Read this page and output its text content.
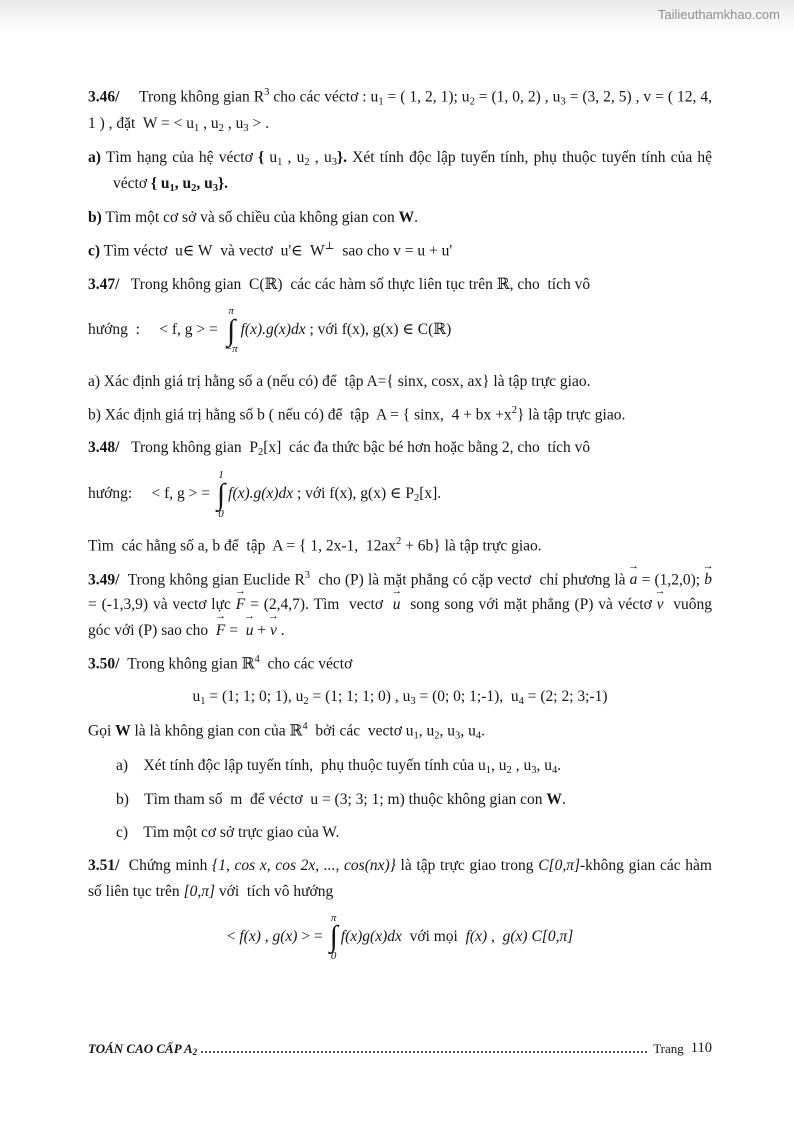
Tailieuthamkhao.com

3.46/     Trong không gian $R^3$ cho các véctơ : u1 = ( 1, 2, 1); u2 = (1, 0, 2) , u3 = (3, 2, 5) , v = ( 12, 4, 1 ) , đặt  W = < u1 , u2 , u3 > .

a) Tìm hạng của hệ véctơ { u1 , u2 , u3}. Xét tính độc lập tuyến tính, phụ thuộc tuyến tính của hệ véctơ { u1, u2, u3}.

b) Tìm một cơ sở và số chiều của không gian con W.

c) Tìm véctơ  u∈ W  và vectơ  u'∈  W⊥  sao cho v = u + u'

3.47/   Trong không gian  C(ℝ)  các các hàm số thực liên tục trên ℝ, cho  tích vô

hướng  :     < f, g > =
π
∫
−π
f(x).g(x)dx ; với f(x), g(x) ∈ C(ℝ)

a) Xác định giá trị hằng số a (nếu có) để  tập A={ sinx, cosx, ax} là tập trực giao.

b) Xác định giá trị hằng số b ( nếu có) để  tập  A = { sinx,  4 + bx $+x^2$} là tập trực giao.

3.48/   Trong không gian  P2[x]  các đa thức bậc bé hơn hoặc bằng 2, cho  tích vô

hướng:     < f, g > =
1
∫
0
f(x).g(x)dx ; với f(x), g(x) ∈ P2[x].

Tìm  các hằng số a, b để  tập  A = { 1, 2x-1,  $12ax^2 + 6b$} là tập trực giao.

3.49/  Trong không gian Euclide $R^3$  cho (P) là mặt phẳng có cặp vectơ  chỉ phương là → a = (1,2,0); → b = (-1,3,9) và vectơ lực → F = (2,4,7). Tìm  vectơ  → u  song song với mặt phẳng (P) và véctơ → v  vuông góc với (P) sao cho  → F =  → u + → v .

3.50/  Trong không gian ℝ$^4$  cho các véctơ

u1 = (1; 1; 0; 1), u2 = (1; 1; 1; 0) , u3 = (0; 0; 1;-1),  u4 = (2; 2; 3;-1)

Gọi W là là không gian con của ℝ$^4$  bởi các  vectơ u1, u2, u3, u4.

a)    Xét tính độc lập tuyến tính,  phụ thuộc tuyến tính của u1, u2 , u3, u4.

b)    Tìm tham số  m  để véctơ  u = (3; 3; 1; m) thuộc không gian con W.

c)    Tìm một cơ sở trực giao của W.

3.51/  Chứng minh {1, cos x, cos 2x, ..., cos(nx)} là tập trực giao trong C[0,π]-không gian các hàm số liên tục trên [0,π] với  tích vô hướng

< f(x) , g(x) > =
π
∫
0
f(x)g(x)dx  với mọi  f(x) ,  g(x) C[0,π]

TOÁN CAO CẤP A2	Trang 110
